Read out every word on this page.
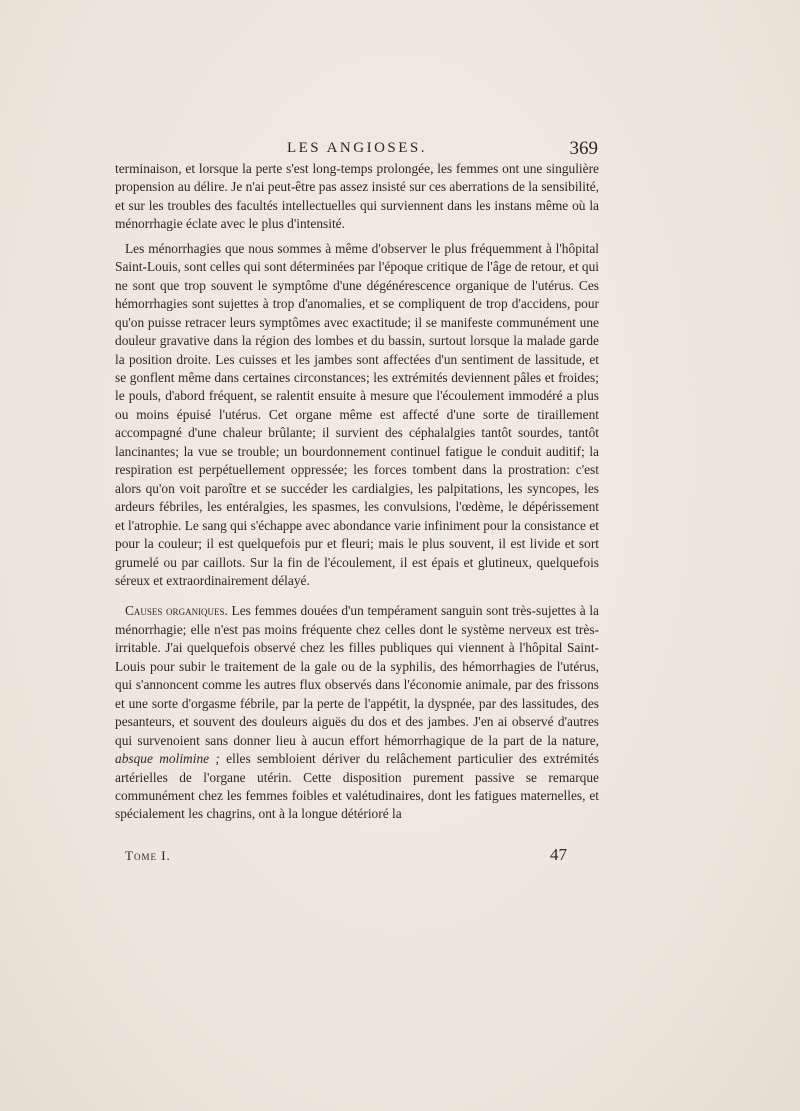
LES ANGIOSES.	369

terminaison, et lorsque la perte s'est long-temps prolongée, les femmes ont une singulière propension au délire. Je n'ai peut-être pas assez insisté sur ces aberrations de la sensibilité, et sur les troubles des facultés intellectuelles qui surviennent dans les instans même où la ménorrhagie éclate avec le plus d'intensité.

Les ménorrhagies que nous sommes à même d'observer le plus fréquemment à l'hôpital Saint-Louis, sont celles qui sont déterminées par l'époque critique de l'âge de retour, et qui ne sont que trop souvent le symptôme d'une dégénérescence organique de l'utérus. Ces hémorrhagies sont sujettes à trop d'anomalies, et se compliquent de trop d'accidens, pour qu'on puisse retracer leurs symptômes avec exactitude; il se manifeste communément une douleur gravative dans la région des lombes et du bassin, surtout lorsque la malade garde la position droite. Les cuisses et les jambes sont affectées d'un sentiment de lassitude, et se gonflent même dans certaines circonstances; les extrémités deviennent pâles et froides; le pouls, d'abord fréquent, se ralentit ensuite à mesure que l'écoulement immodéré a plus ou moins épuisé l'utérus. Cet organe même est affecté d'une sorte de tiraillement accompagné d'une chaleur brûlante; il survient des céphalalgies tantôt sourdes, tantôt lancinantes; la vue se trouble; un bourdonnement continuel fatigue le conduit auditif; la respiration est perpétuellement oppressée; les forces tombent dans la prostration: c'est alors qu'on voit paroître et se succéder les cardialgies, les palpitations, les syncopes, les ardeurs fébriles, les entéralgies, les spasmes, les convulsions, l'œdème, le dépérissement et l'atrophie. Le sang qui s'échappe avec abondance varie infiniment pour la consistance et pour la couleur; il est quelquefois pur et fleuri; mais le plus souvent, il est livide et sort grumelé ou par caillots. Sur la fin de l'écoulement, il est épais et glutineux, quelquefois séreux et extraordinairement délayé.

Causes organiques. Les femmes douées d'un tempérament sanguin sont très-sujettes à la ménorrhagie; elle n'est pas moins fréquente chez celles dont le système nerveux est très-irritable. J'ai quelquefois observé chez les filles publiques qui viennent à l'hôpital Saint-Louis pour subir le traitement de la gale ou de la syphilis, des hémorrhagies de l'utérus, qui s'annoncent comme les autres flux observés dans l'économie animale, par des frissons et une sorte d'orgasme fébrile, par la perte de l'appétit, la dyspnée, par des lassitudes, des pesanteurs, et souvent des douleurs aiguës du dos et des jambes. J'en ai observé d'autres qui survenoient sans donner lieu à aucun effort hémorrhagique de la part de la nature, absque molimine ; elles sembloient dériver du relâchement particulier des extrémités artérielles de l'organe utérin. Cette disposition purement passive se remarque communément chez les femmes foibles et valétudinaires, dont les fatigues maternelles, et spécialement les chagrins, ont à la longue détérioré la

Tome I.	47
